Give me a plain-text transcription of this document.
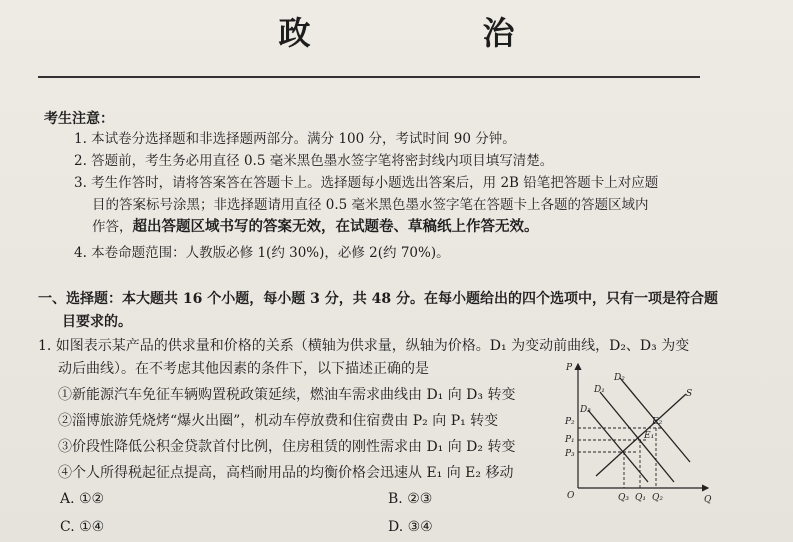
政　治
考生注意：
1. 本试卷分选择题和非选择题两部分。满分 100 分，考试时间 90 分钟。
2. 答题前，考生务必用直径 0.5 毫米黑色墨水签字笔将密封线内项目填写清楚。
3. 考生作答时，请将答案答在答题卡上。选择题每小题选出答案后，用 2B 铅笔把答题卡上对应题
目的答案标号涂黑；非选择题请用直径 0.5 毫米黑色墨水签字笔在答题卡上各题的答题区域内
作答，超出答题区域书写的答案无效，在试题卷、草稿纸上作答无效。
4. 本卷命题范围：人教版必修 1(约 30%)，必修 2(约 70%)。
一、选择题：本大题共 16 个小题，每小题 3 分，共 48 分。在每小题给出的四个选项中，只有一项是符合题
目要求的。
1. 如图表示某产品的供求量和价格的关系（横轴为供求量，纵轴为价格。D₁ 为变动前曲线，D₂、D₃ 为变
动后曲线）。在不考虑其他因素的条件下，以下描述正确的是
①新能源汽车免征车辆购置税政策延续，燃油车需求曲线由 D₁ 向 D₃ 转变
②淄博旅游凭烧烤“爆火出圈”，机动车停放费和住宿费由 P₂ 向 P₁ 转变
③价段性降低公积金贷款首付比例，住房租赁的刚性需求由 D₁ 向 D₂ 转变
④个人所得税起征点提高，高档耐用品的均衡价格会迅速从 E₁ 向 E₂ 移动
A. ①②	B. ②③
C. ①④	D. ③④
P
Q
O
S
D₁
D₂
D₃
P₂
P₁
P₃
Q₃ Q₁ Q₂
E₂
E₁
